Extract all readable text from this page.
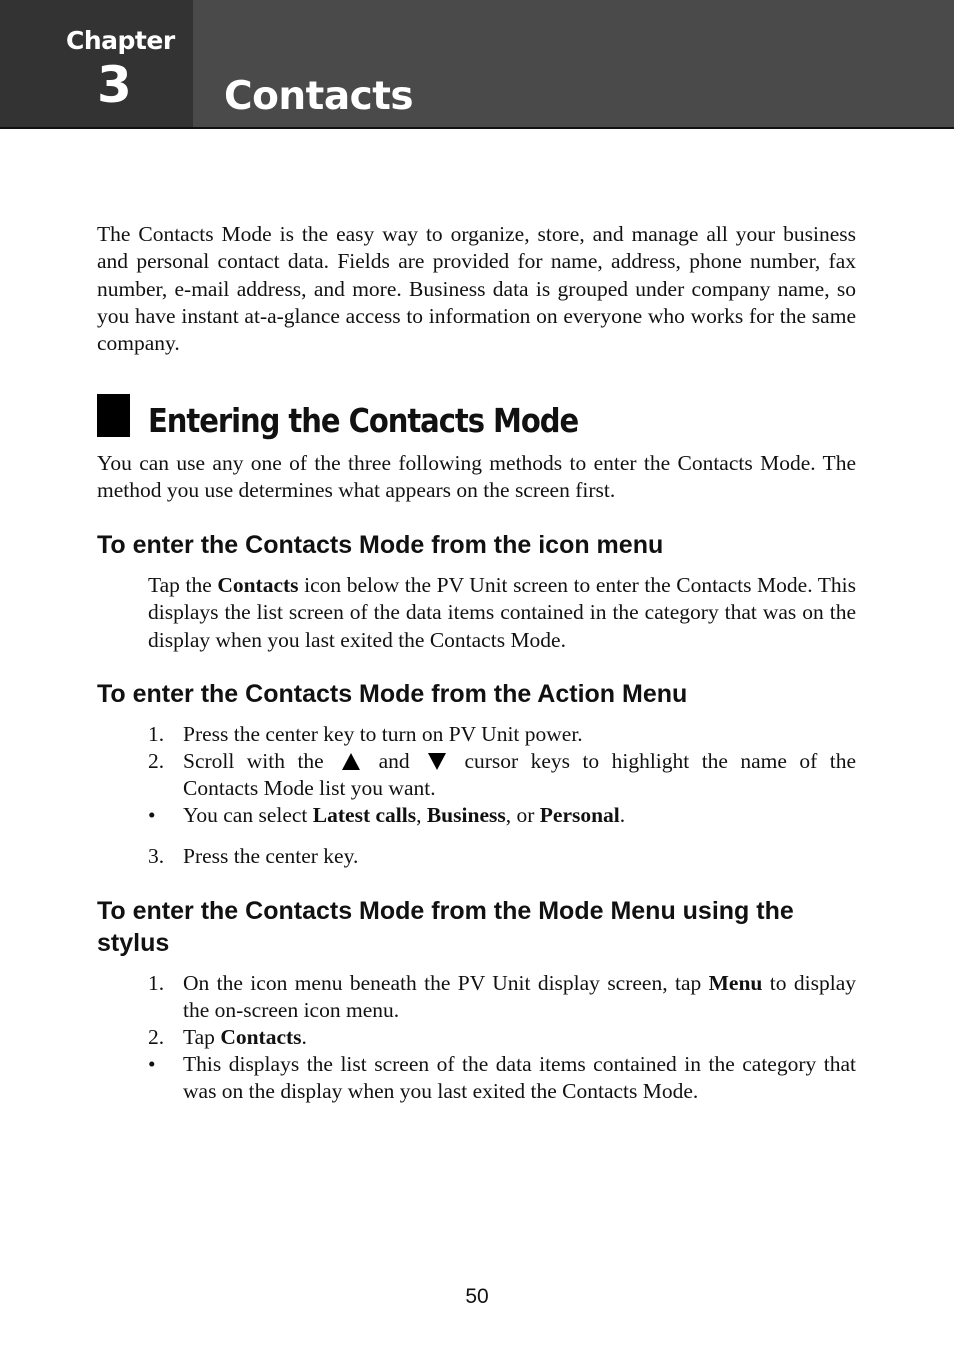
Chapter
3 Contacts

The Contacts Mode is the easy way to organize, store, and manage all your business and personal contact data. Fields are provided for name, address, phone number, fax number, e-mail address, and more. Business data is grouped under company name, so you have instant at-a-glance access to information on everyone who works for the same company.

Entering the Contacts Mode

You can use any one of the three following methods to enter the Contacts Mode. The method you use determines what appears on the screen first.

To enter the Contacts Mode from the icon menu

Tap the Contacts icon below the PV Unit screen to enter the Contacts Mode. This displays the list screen of the data items contained in the category that was on the display when you last exited the Contacts Mode.

To enter the Contacts Mode from the Action Menu
1. Press the center key to turn on PV Unit power.
2. Scroll with the	and	cursor keys to highlight the name of the
Contacts Mode list you want.
• You can select Latest calls, Business, or Personal.
3. Press the center key.
To enter the Contacts Mode from the Mode Menu using the stylus
1. On the icon menu beneath the PV Unit display screen, tap Menu to display the on-screen icon menu.
2. Tap Contacts.
• This displays the list screen of the data items contained in the category that was on the display when you last exited the Contacts Mode.
50
